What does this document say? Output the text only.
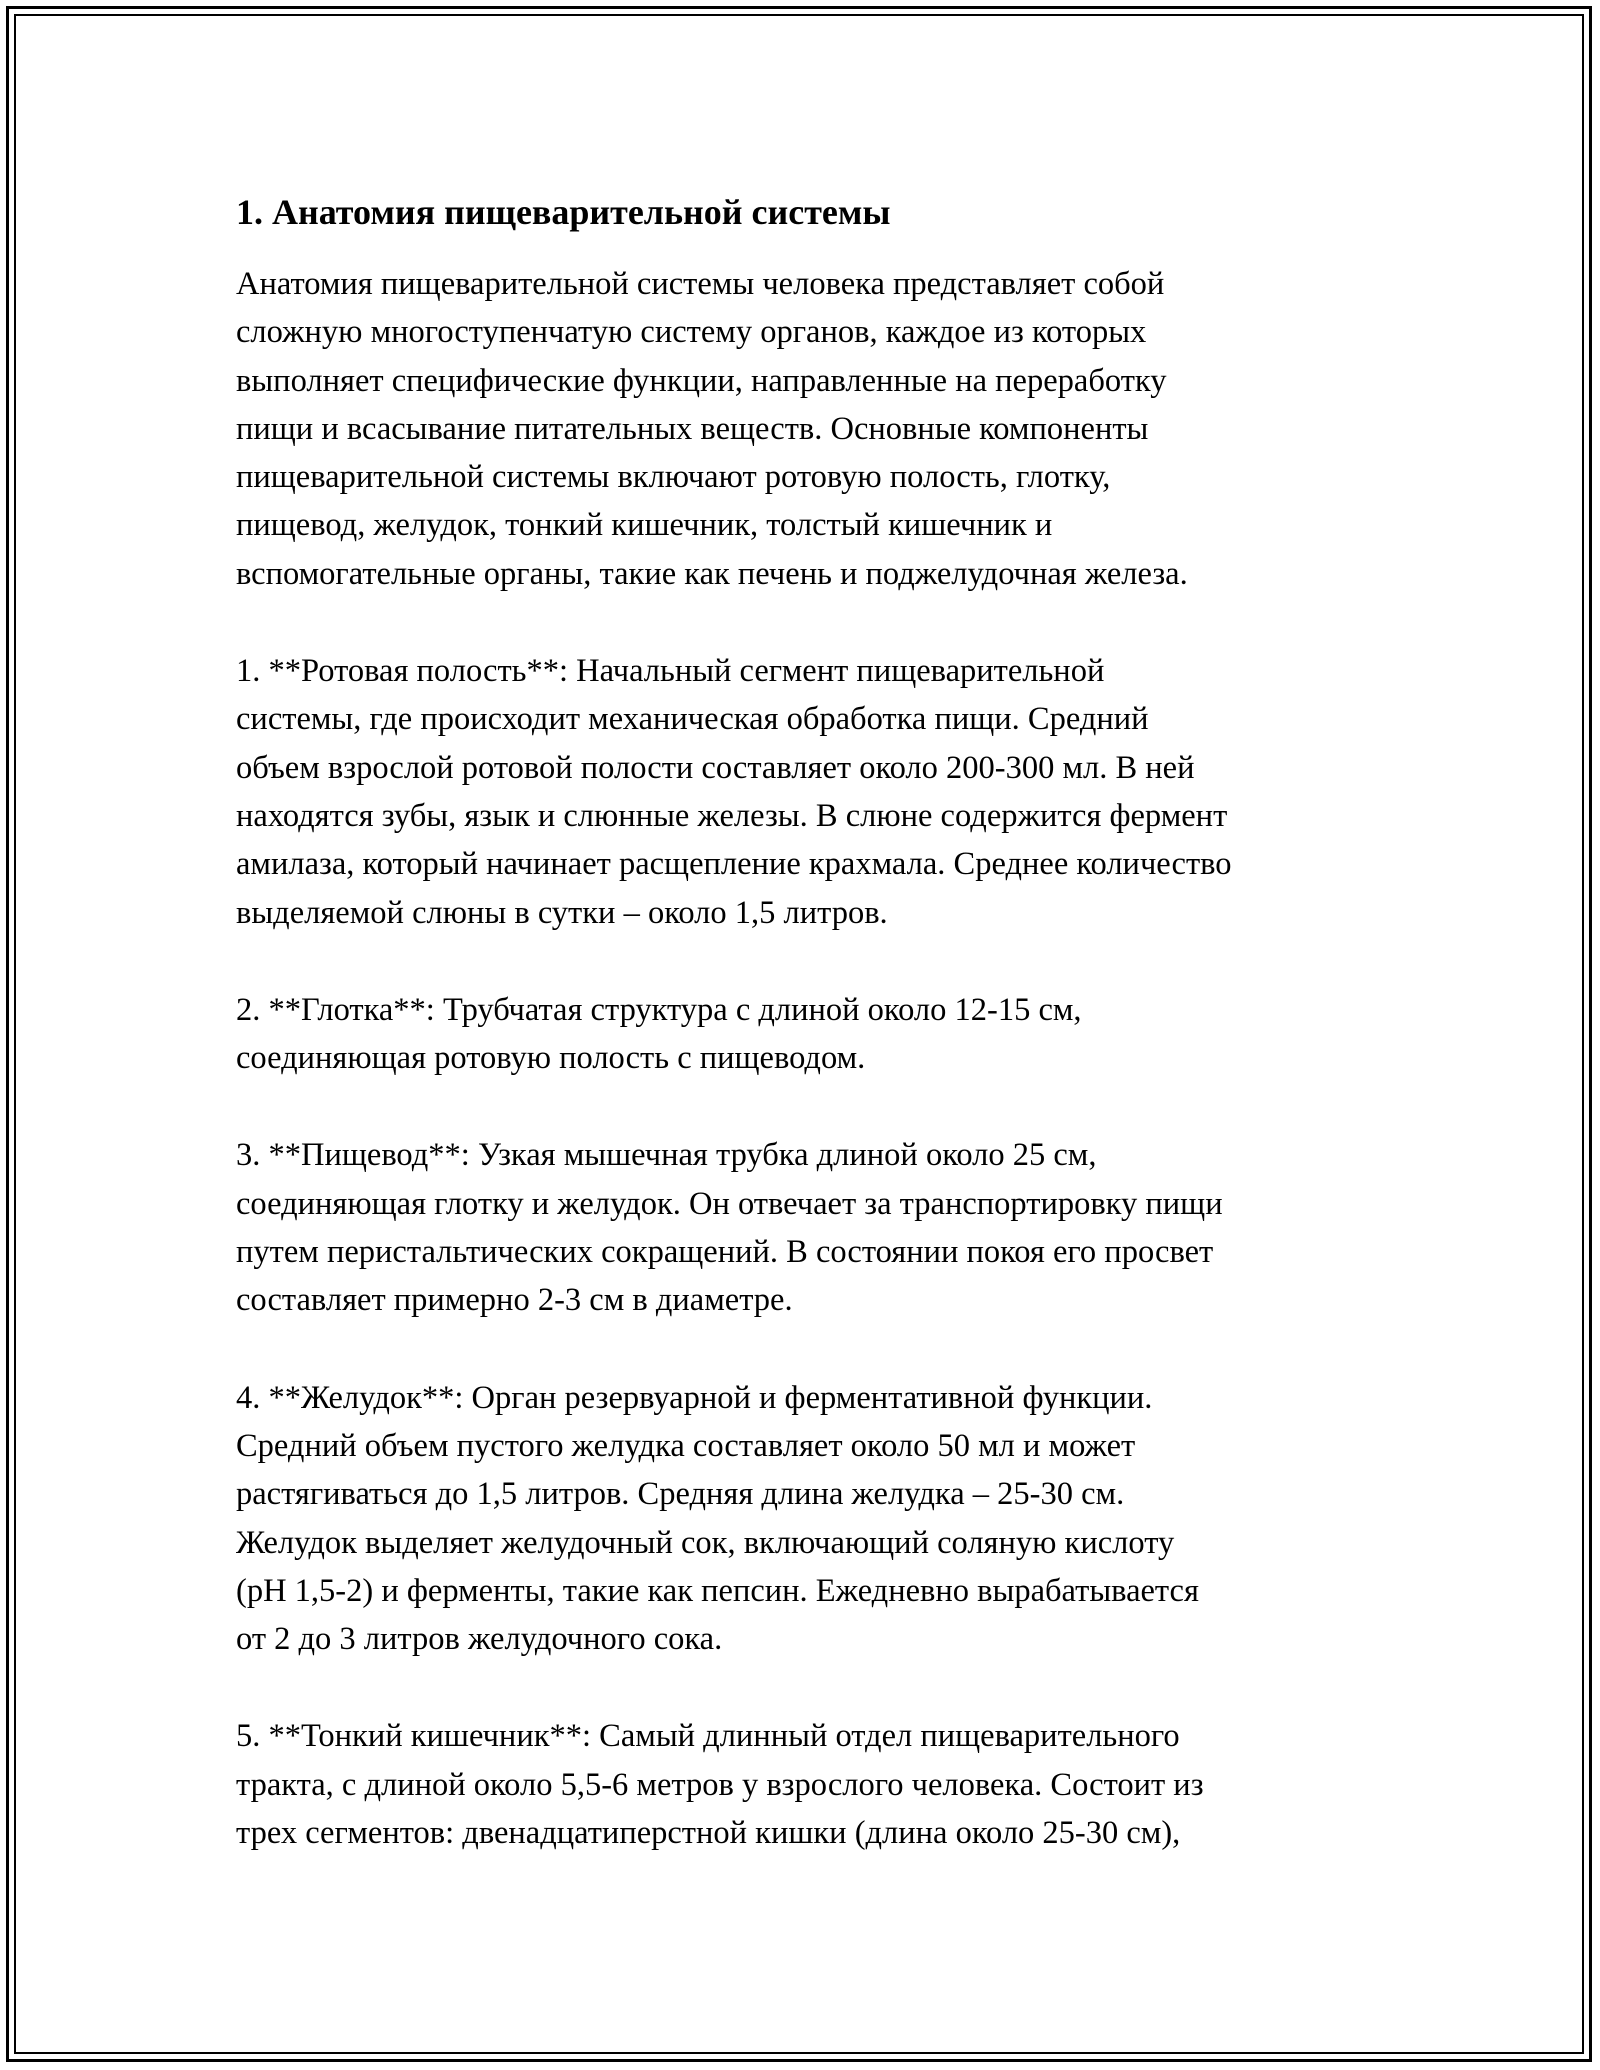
1. Анатомия пищеварительной системы

Анатомия пищеварительной системы человека представляет собой
сложную многоступенчатую систему органов, каждое из которых
выполняет специфические функции, направленные на переработку
пищи и всасывание питательных веществ. Основные компоненты
пищеварительной системы включают ротовую полость, глотку,
пищевод, желудок, тонкий кишечник, толстый кишечник и
вспомогательные органы, такие как печень и поджелудочная железа.

1. **Ротовая полость**: Начальный сегмент пищеварительной
системы, где происходит механическая обработка пищи. Средний
объем взрослой ротовой полости составляет около 200-300 мл. В ней
находятся зубы, язык и слюнные железы. В слюне содержится фермент
амилаза, который начинает расщепление крахмала. Среднее количество
выделяемой слюны в сутки – около 1,5 литров.

2. **Глотка**: Трубчатая структура с длиной около 12-15 см,
соединяющая ротовую полость с пищеводом.

3. **Пищевод**: Узкая мышечная трубка длиной около 25 см,
соединяющая глотку и желудок. Он отвечает за транспортировку пищи
путем перистальтических сокращений. В состоянии покоя его просвет
составляет примерно 2-3 см в диаметре.

4. **Желудок**: Орган резервуарной и ферментативной функции.
Средний объем пустого желудка составляет около 50 мл и может
растягиваться до 1,5 литров. Средняя длина желудка – 25-30 см.
Желудок выделяет желудочный сок, включающий соляную кислоту
(pH 1,5-2) и ферменты, такие как пепсин. Ежедневно вырабатывается
от 2 до 3 литров желудочного сока.

5. **Тонкий кишечник**: Самый длинный отдел пищеварительного
тракта, с длиной около 5,5-6 метров у взрослого человека. Состоит из
трех сегментов: двенадцатиперстной кишки (длина около 25-30 см),
